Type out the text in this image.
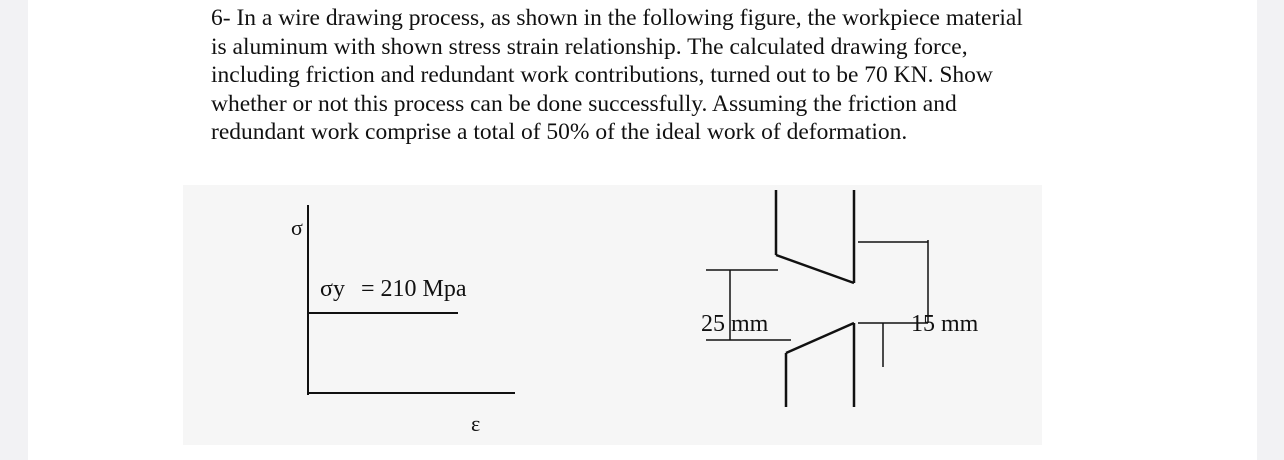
6- In a wire drawing process, as shown in the following figure, the workpiece material

is aluminum with shown stress strain relationship. The calculated drawing force,

including friction and redundant work contributions, turned out to be 70 KN. Show

whether or not this process can be done successfully. Assuming the friction and

redundant work comprise a total of 50% of the ideal work of deformation.

σ
σy = 210 Mpa
ε
25 mm	15 mm
